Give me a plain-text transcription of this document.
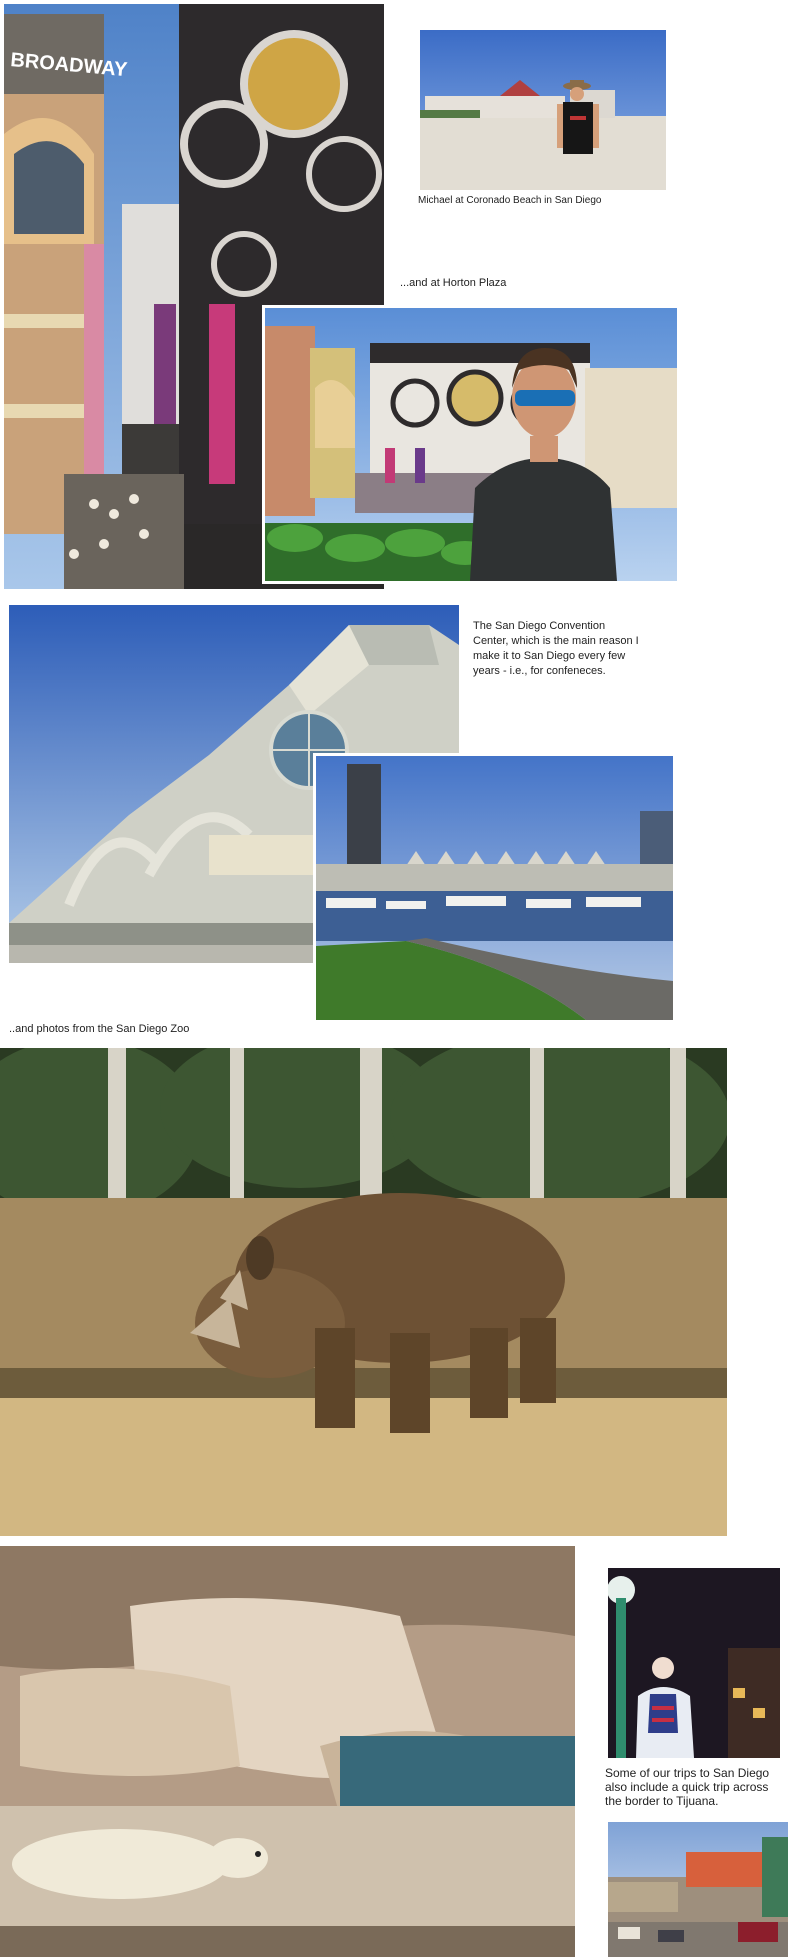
BROADWAY
Michael at Coronado Beach in San Diego
...and at Horton Plaza
The San Diego Convention Center, which is the main reason I make it to San Diego every few years - i.e., for confeneces.
..and photos from the San Diego Zoo
Some of our trips to San Diego also include a quick trip across the border to Tijuana.
